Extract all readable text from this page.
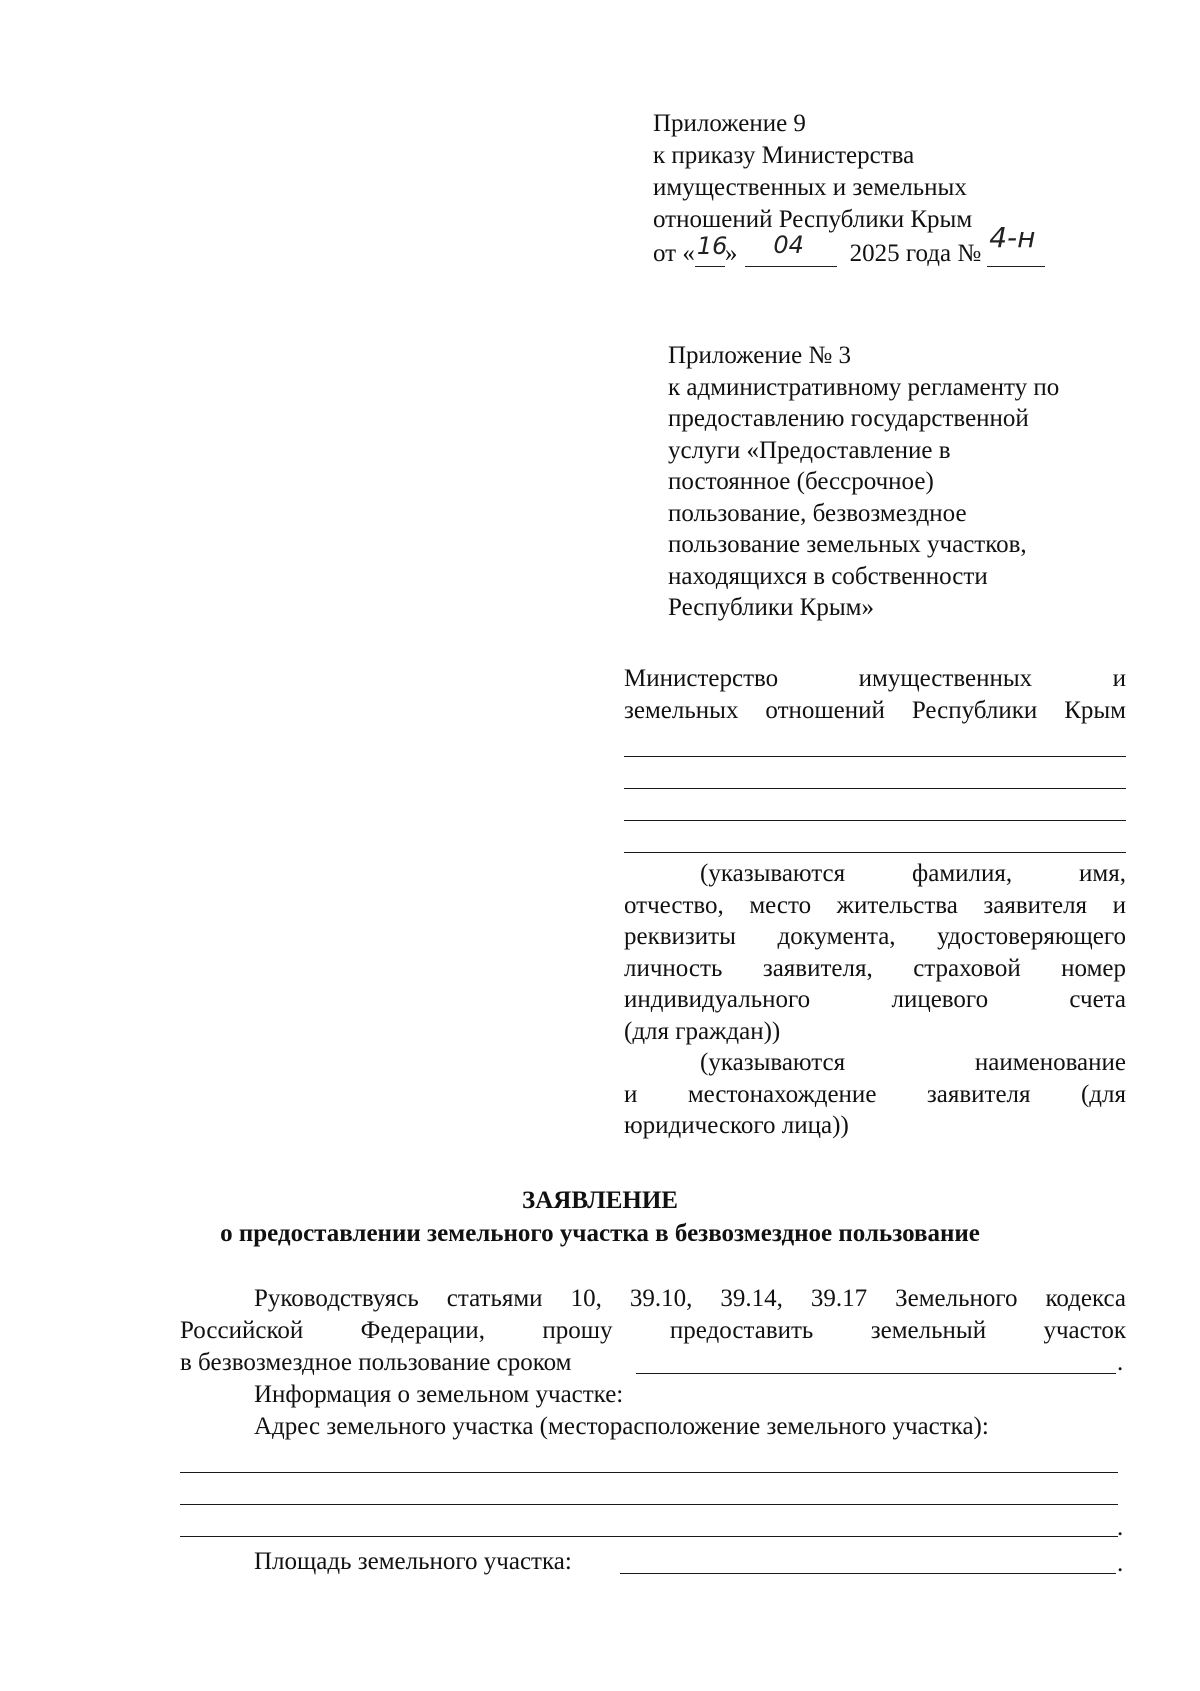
Приложение 9
к приказу Министерства
имущественных и земельных
отношений Республики Крым
от « 16
» 04 2025 года № 4-н

Приложение № 3
к административному регламенту по
предоставлению государственной
услуги «Предоставление в
постоянное (бессрочное)
пользование, безвозмездное
пользование земельных участков,
находящихся в собственности
Республики Крым»
Министерство имущественных и
земельных отношений Республики Крым
(указываются фамилия, имя,
отчество, место жительства заявителя и
реквизиты документа, удостоверяющего
личность заявителя, страховой номер
индивидуального лицевого счета
(для граждан))
(указываются наименование
и местонахождение заявителя (для
юридического лица))
ЗАЯВЛЕНИЕ
о предоставлении земельного участка в безвозмездное пользование
Руководствуясь статьями 10, 39.10, 39.14, 39.17 Земельного кодекса
Российской Федерации, прошу предоставить земельный участок
в безвозмездное пользование сроком	.
Информация о земельном участке:
Адрес земельного участка (месторасположение земельного участка):
.
Площадь земельного участка:	.
